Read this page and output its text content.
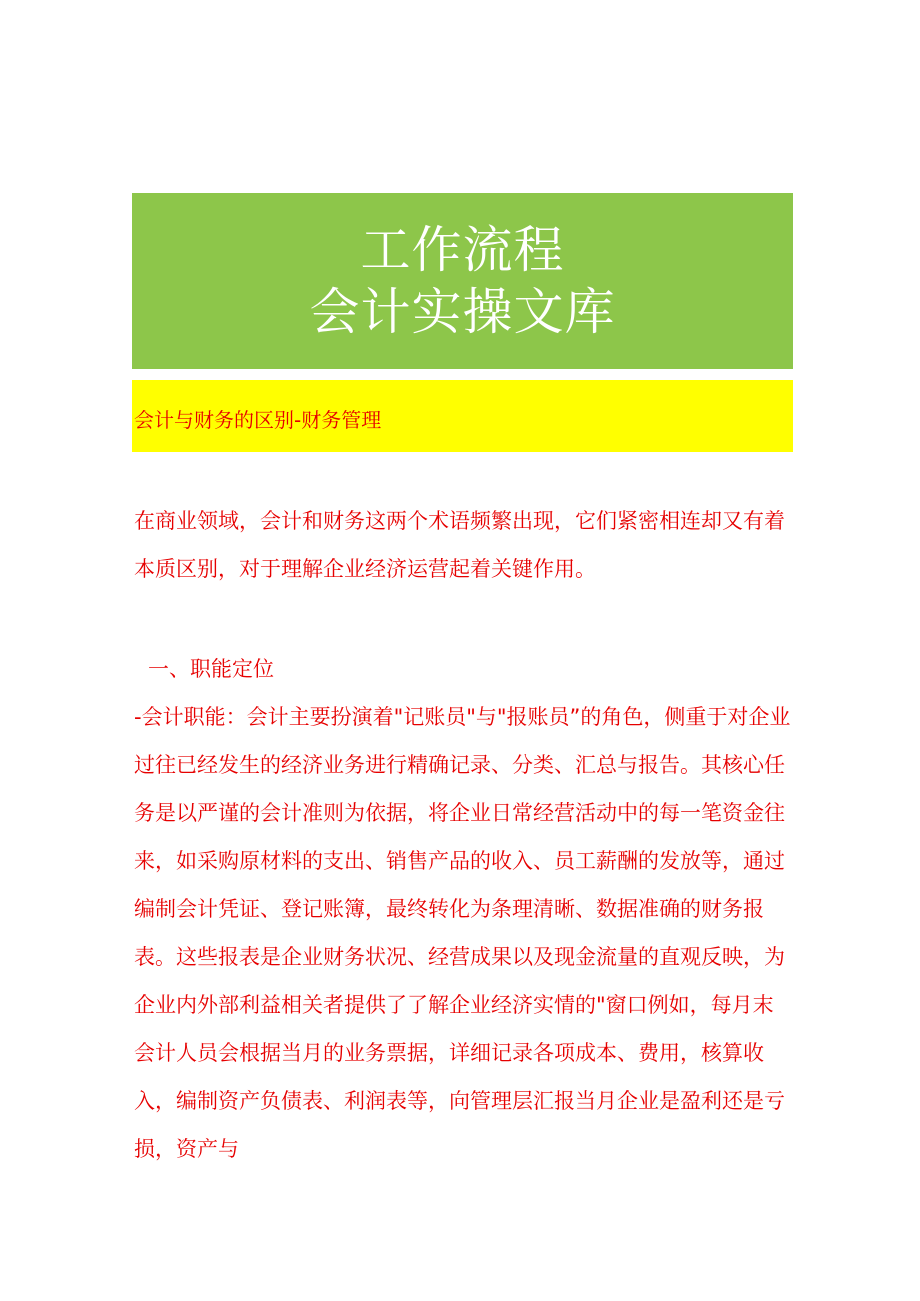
工作流程
会计实操文库
会计与财务的区别-财务管理

在商业领域，会计和财务这两个术语频繁出现，它们紧密相连却又有着本质区别，对于理解企业经济运营起着关键作用。

一、职能定位

-会计职能：会计主要扮演着"记账员"与"报账员”的角色，侧重于对企业过往已经发生的经济业务进行精确记录、分类、汇总与报告。其核心任务是以严谨的会计准则为依据，将企业日常经营活动中的每一笔资金往来，如采购原材料的支出、销售产品的收入、员工薪酬的发放等，通过编制会计凭证、登记账簿，最终转化为条理清晰、数据准确的财务报表。这些报表是企业财务状况、经营成果以及现金流量的直观反映，为企业内外部利益相关者提供了了解企业经济实情的"窗口例如，每月末会计人员会根据当月的业务票据，详细记录各项成本、费用，核算收入，编制资产负债表、利润表等，向管理层汇报当月企业是盈利还是亏损，资产与
